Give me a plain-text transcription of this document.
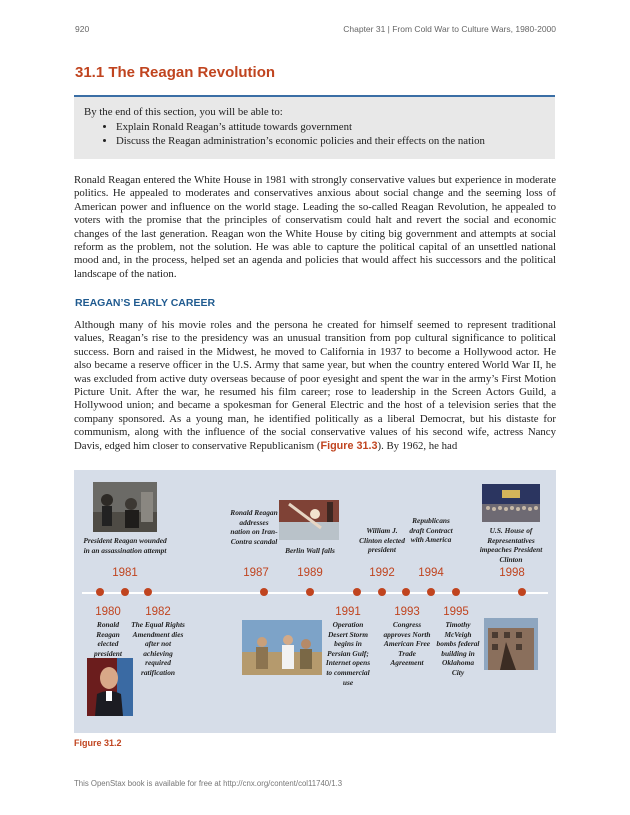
920	Chapter 31 | From Cold War to Culture Wars, 1980-2000
31.1 The Reagan Revolution
By the end of this section, you will be able to:
• Explain Ronald Reagan’s attitude towards government
• Discuss the Reagan administration’s economic policies and their effects on the nation
Ronald Reagan entered the White House in 1981 with strongly conservative values but experience in moderate politics. He appealed to moderates and conservatives anxious about social change and the seeming loss of American power and influence on the world stage. Leading the so-called Reagan Revolution, he appealed to voters with the promise that the principles of conservatism could halt and revert the social and economic changes of the last generation. Reagan won the White House by citing big government and attempts at social reform as the problem, not the solution. He was able to capture the political capital of an unsettled national mood and, in the process, helped set an agenda and policies that would affect his successors and the political landscape of the nation.
REAGAN’S EARLY CAREER
Although many of his movie roles and the persona he created for himself seemed to represent traditional values, Reagan’s rise to the presidency was an unusual transition from pop cultural significance to political success. Born and raised in the Midwest, he moved to California in 1937 to become a Hollywood actor. He also became a reserve officer in the U.S. Army that same year, but when the country entered World War II, he was excluded from active duty overseas because of poor eyesight and spent the war in the army’s First Motion Picture Unit. After the war, he resumed his film career; rose to leadership in the Screen Actors Guild, a Hollywood union; and became a spokesman for General Electric and the host of a television series that the company sponsored. As a young man, he identified politically as a liberal Democrat, but his distaste for communism, along with the influence of the social conservative values of his second wife, actress Nancy Davis, edged him closer to conservative Republicanism (Figure 31.3). By 1962, he had
President Reagan wounded in an assassination attempt
1981
Ronald Reagan addresses nation on Iran-Contra scandal
1987
Berlin Wall falls
1989
William J. Clinton elected president
1992
Republicans draft Contract with America
1994
U.S. House of Representatives impeaches President Clinton
1998
1980
Ronald Reagan elected president
1982
The Equal Rights Amendment dies after not achieving required ratification
1991
Operation Desert Storm begins in Persian Gulf; Internet opens to commercial use
1993
Congress approves North American Free Trade Agreement
1995
Timothy McVeigh bombs federal building in Oklahoma City
Figure 31.2
This OpenStax book is available for free at http://cnx.org/content/col11740/1.3
